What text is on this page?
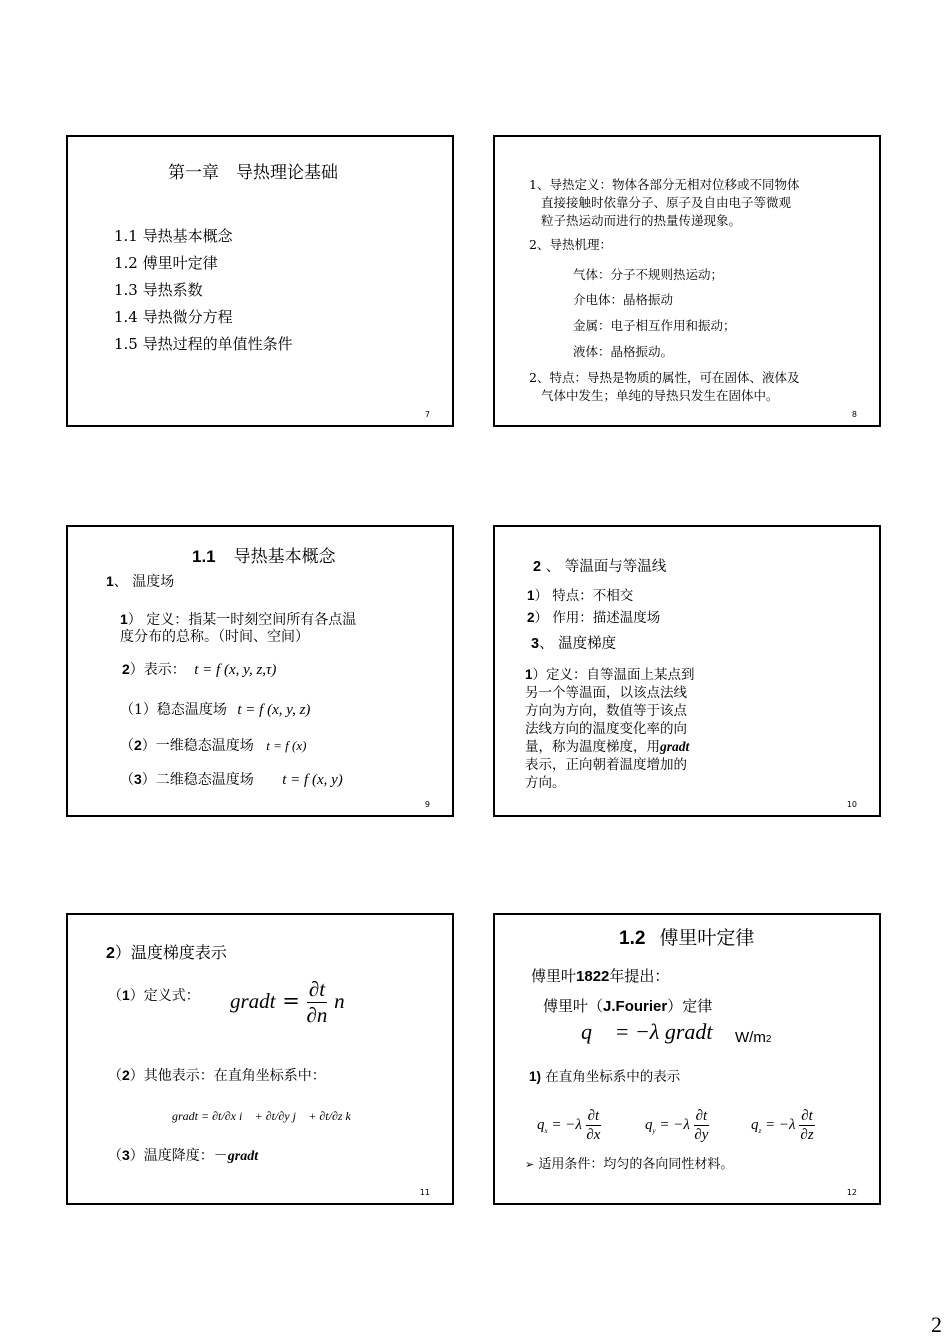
第一章　导热理论基础
1.1 导热基本概念
1.2 傅里叶定律
1.3 导热系数
1.4 导热微分方程
1.5 导热过程的单值性条件
7
1、导热定义：物体各部分无相对位移或不同物体
直接接触时依靠分子、原子及自由电子等微观
粒子热运动而进行的热量传递现象。
2、导热机理：
气体：分子不规则热运动；
介电体：晶格振动
金属：电子相互作用和振动；
液体：晶格振动。
2、特点：导热是物质的属性，可在固体、液体及
气体中发生；单纯的导热只发生在固体中。
8
1.1 导热基本概念
1、 温度场
1） 定义：指某一时刻空间所有各点温
度分布的总称。（时间、空间）
2）表示： t = f (x, y, z,τ)
（1）稳态温度场 t = f (x, y, z)
（2）一维稳态温度场 t = f (x)
（3）二维稳态温度场 t = f (x, y)
9
2 、 等温面与等温线
1） 特点：不相交
2） 作用：描述温度场
3、 温度梯度
1）定义：自等温面上某点到
另一个等温面，以该点法线
方向为方向，数值等于该点
法线方向的温度变化率的向
量，称为温度梯度，用gradt
表示，正向朝着温度增加的
方向。
10
2）温度梯度表示
（1）定义式： gradt = $\frac{\partial t}{\partial n}$ n⃗
（2）其他表示：在直角坐标系中：
gradt = ∂t/∂x i⃗ + ∂t/∂y j⃗ + ∂t/∂z k⃗
（3）温度降度：－gradt
11
1.2 傅里叶定律
傅里叶1822年提出：
傅里叶（J.Fourier）定律
q⃗ = −λ gradt W/m2
1) 在直角坐标系中的表示
$q_x = -\lambda \frac{\partial t}{\partial x}$	$q_y = -\lambda \frac{\partial t}{\partial y}$	$q_z = -\lambda \frac{\partial t}{\partial z}$
➢ 适用条件：均匀的各向同性材料。
12
2
